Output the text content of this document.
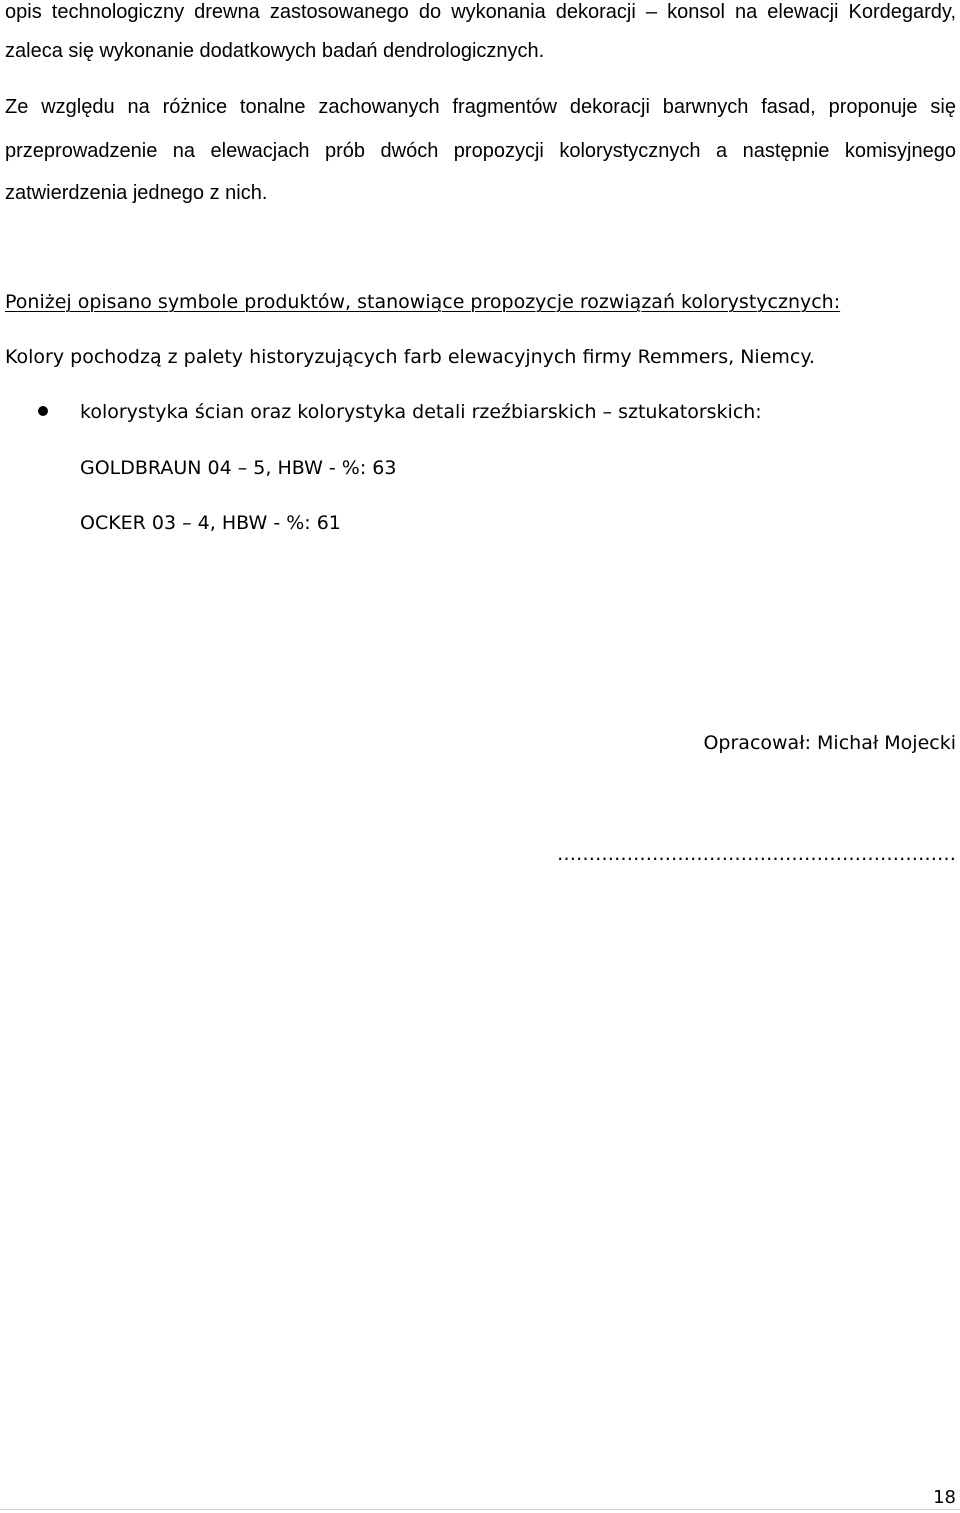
opis technologiczny drewna zastosowanego do wykonania dekoracji – konsol na elewacji Kordegardy,
zaleca się wykonanie dodatkowych badań dendrologicznych.
Ze względu na różnice tonalne zachowanych fragmentów dekoracji barwnych fasad, proponuje się
przeprowadzenie na elewacjach prób dwóch propozycji kolorystycznych a następnie komisyjnego
zatwierdzenia jednego z nich.
Poniżej opisano symbole produktów, stanowiące propozycje rozwiązań kolorystycznych:
Kolory pochodzą z palety historyzujących farb elewacyjnych firmy Remmers, Niemcy.
kolorystyka ścian oraz kolorystyka detali rzeźbiarskich – sztukatorskich:
GOLDBRAUN 04 – 5, HBW - %: 63
OCKER 03 – 4, HBW - %: 61
Opracował: Michał Mojecki
………………………………………………………
18
